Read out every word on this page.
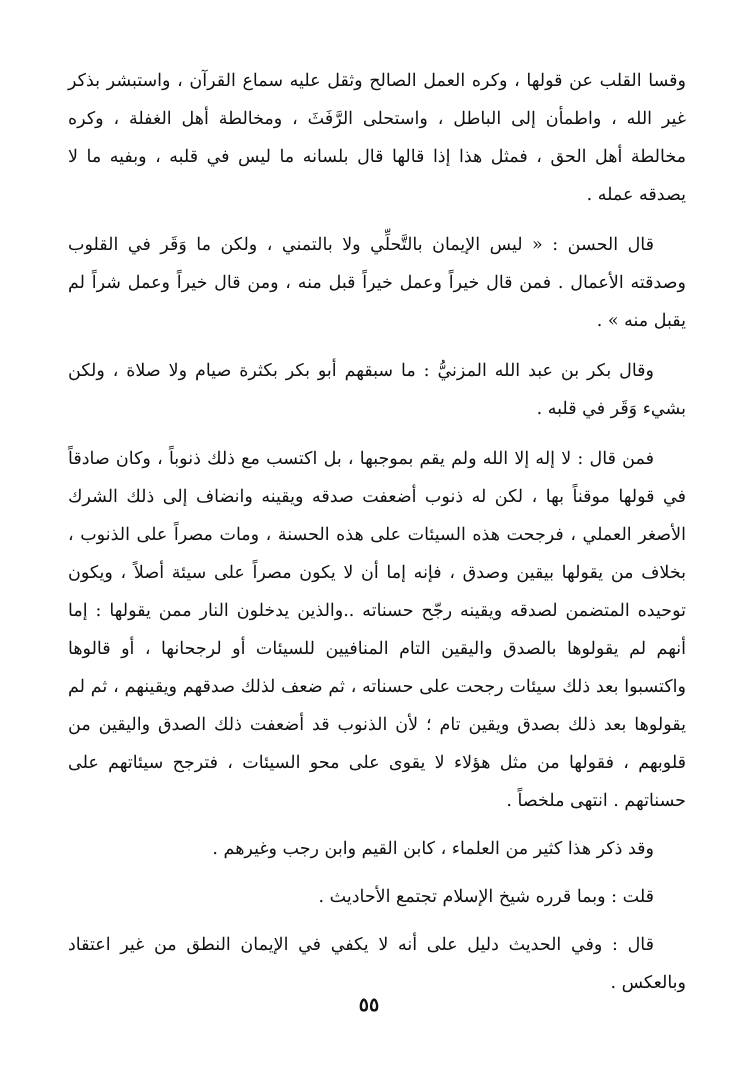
وقسا القلب عن قولها ، وكره العمل الصالح وثقل عليه سماع القرآن ، واستبشر بذكر غير الله ، واطمأن إلى الباطل ، واستحلى الرَّفَثَ ، ومخالطة أهل الغفلة ، وكره مخالطة أهل الحق ، فمثل هذا إذا قالها قال بلسانه ما ليس في قلبه ، وبفيه ما لا يصدقه عمله .

قال الحسن : « ليس الإيمان بالتَّحلِّي ولا بالتمني ، ولكن ما وَقَر في القلوب وصدقته الأعمال . فمن قال خيراً وعمل خيراً قبل منه ، ومن قال خيراً وعمل شراً لم يقبل منه » .

وقال بكر بن عبد الله المزنيُّ : ما سبقهم أبو بكر بكثرة صيام ولا صلاة ، ولكن بشيء وَقَر في قلبه .

فمن قال : لا إله إلا الله ولم يقم بموجبها ، بل اكتسب مع ذلك ذنوباً ، وكان صادقاً في قولها موقناً بها ، لكن له ذنوب أضعفت صدقه ويقينه وانضاف إلى ذلك الشرك الأصغر العملي ، فرجحت هذه السيئات على هذه الحسنة ، ومات مصراً على الذنوب ، بخلاف من يقولها بيقين وصدق ، فإنه إما أن لا يكون مصراً على سيئة أصلاً ، ويكون توحيده المتضمن لصدقه ويقينه رجّح حسناته ..والذين يدخلون النار ممن يقولها : إما أنهم لم يقولوها بالصدق واليقين التام المنافيين للسيئات أو لرجحانها ، أو قالوها واكتسبوا بعد ذلك سيئات رجحت على حسناته ، ثم ضعف لذلك صدقهم ويقينهم ، ثم لم يقولوها بعد ذلك بصدق ويقين تام ؛ لأن الذنوب قد أضعفت ذلك الصدق واليقين من قلوبهم ، فقولها من مثل هؤلاء لا يقوى على محو السيئات ، فترجح سيئاتهم على حسناتهم . انتهى ملخصاً .

وقد ذكر هذا كثير من العلماء ، كابن القيم وابن رجب وغيرهم .

قلت : وبما قرره شيخ الإسلام تجتمع الأحاديث .

قال : وفي الحديث دليل على أنه لا يكفي في الإيمان النطق من غير اعتقاد وبالعكس .

٥٥
